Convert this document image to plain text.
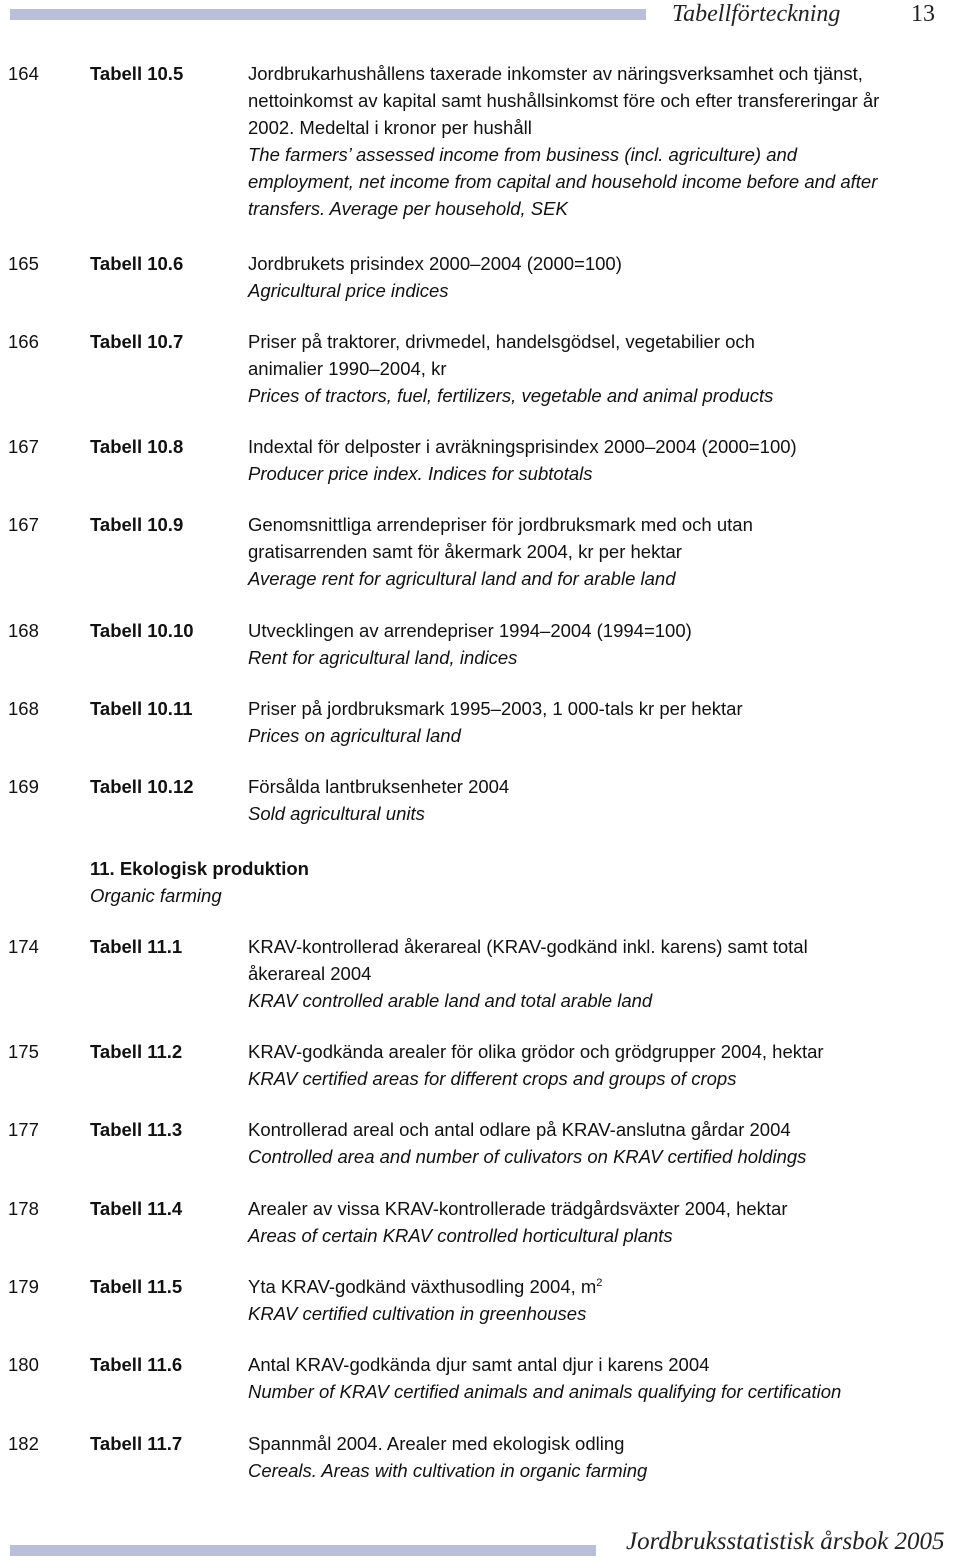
Tabellförteckning	13
164	Tabell 10.5	Jordbrukarhushållens taxerade inkomster av näringsverksamhet och tjänst, nettoinkomst av kapital samt hushållsinkomst före och efter transfereringar år 2002. Medeltal i kronor per hushåll
The farmers’ assessed income from business (incl. agriculture) and employment, net income from capital and household income before and after transfers. Average per household, SEK
165	Tabell 10.6	Jordbrukets prisindex 2000–2004 (2000=100)
Agricultural price indices
166	Tabell 10.7	Priser på traktorer, drivmedel, handelsgödsel, vegetabilier och animalier 1990–2004, kr
Prices of tractors, fuel, fertilizers, vegetable and animal products
167	Tabell 10.8	Indextal för delposter i avräkningsprisindex 2000–2004 (2000=100)
Producer price index. Indices for subtotals
167	Tabell 10.9	Genomsnittliga arrendepriser för jordbruksmark med och utan gratisarrenden samt för åkermark 2004, kr per hektar
Average rent for agricultural land and for arable land
168	Tabell 10.10	Utvecklingen av arrendepriser 1994–2004 (1994=100)
Rent for agricultural land, indices
168	Tabell 10.11	Priser på jordbruksmark 1995–2003, 1 000-tals kr per hektar
Prices on agricultural land
169	Tabell 10.12	Försålda lantbruksenheter 2004
Sold agricultural units
11. Ekologisk produktion
Organic farming
174	Tabell 11.1	KRAV-kontrollerad åkerareal (KRAV-godkänd inkl. karens) samt total åkerareal 2004
KRAV controlled arable land and total arable land
175	Tabell 11.2	KRAV-godkända arealer för olika grödor och grödgrupper 2004, hektar
KRAV certified areas for different crops and groups of crops
177	Tabell 11.3	Kontrollerad areal och antal odlare på KRAV-anslutna gårdar 2004
Controlled area and number of culivators on KRAV certified holdings
178	Tabell 11.4	Arealer av vissa KRAV-kontrollerade trädgårdsväxter 2004, hektar
Areas of certain KRAV controlled horticultural plants
179	Tabell 11.5	Yta KRAV-godkänd växthusodling 2004, $m^2$
KRAV certified cultivation in greenhouses
180	Tabell 11.6	Antal KRAV-godkända djur samt antal djur i karens 2004
Number of KRAV certified animals and animals qualifying for certification
182	Tabell 11.7	Spannmål 2004. Arealer med ekologisk odling
Cereals. Areas with cultivation in organic farming
Jordbruksstatistisk årsbok 2005
